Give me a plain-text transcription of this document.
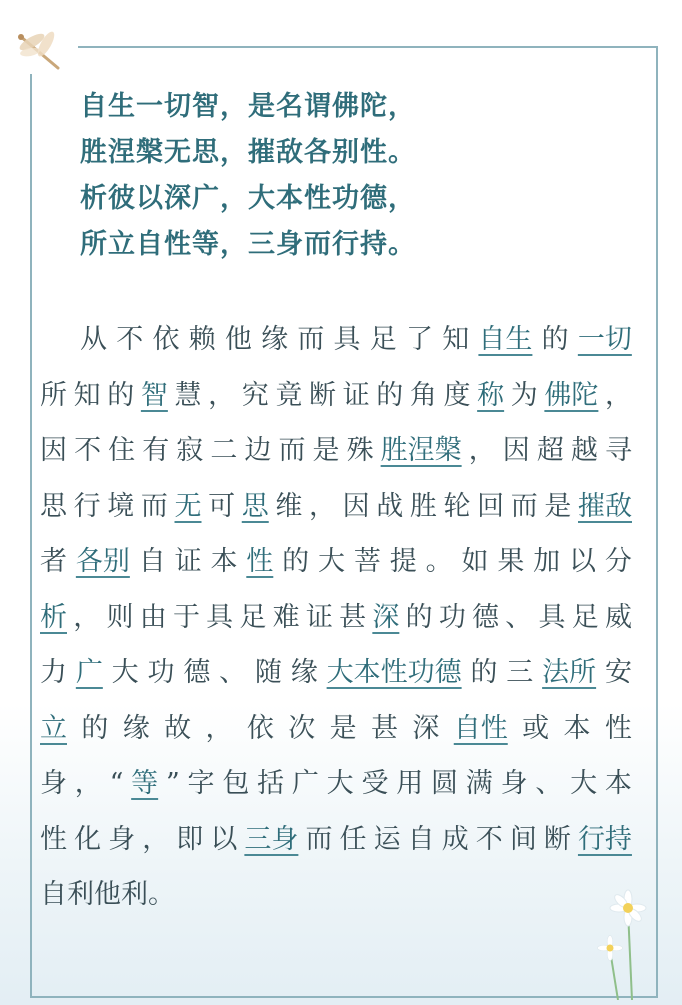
自生一切智，是名谓佛陀，
胜涅槃无思，摧敌各别性。
析彼以深广，大本性功德，
所立自性等，三身而行持。
从 不 依 赖 他 缘 而 具 足 了 知 自生 的 一切
所 知 的 智 慧 ， 究 竟 断 证 的 角 度 称 为 佛陀 ，
因 不 住 有 寂 二 边 而 是 殊 胜涅槃 ， 因 超 越 寻
思 行 境 而 无 可 思 维 ， 因 战 胜 轮 回 而 是 摧敌
者 各别 自 证 本 性 的 大 菩 提 。 如 果 加 以 分
析 ， 则 由 于 具 足 难 证 甚 深 的 功 德 、 具 足 威
力 广 大 功 德 、 随 缘 大本性功德 的 三 法所 安
立 的 缘 故 ， 依 次 是 甚 深 自性 或 本 性
身 ， “ 等 ” 字 包 括 广 大 受 用 圆 满 身 、 大 本
性 化 身 ， 即 以 三身 而 任 运 自 成 不 间 断 行持
自利他利。
